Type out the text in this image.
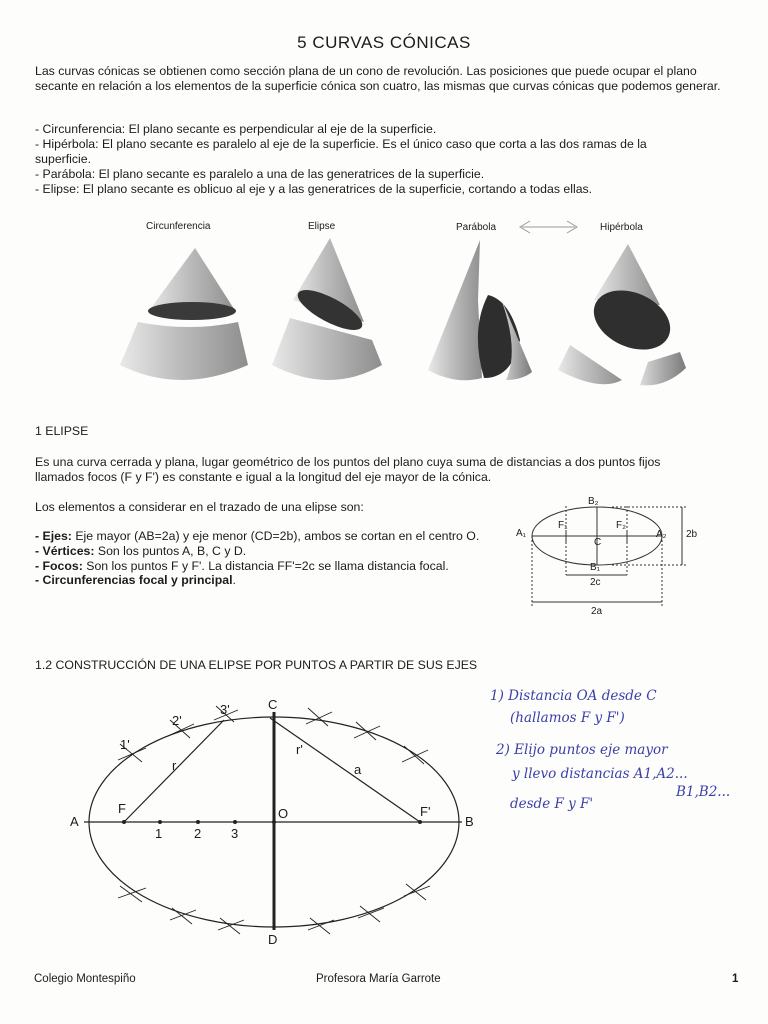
5 CURVAS CÓNICAS
Las curvas cónicas se obtienen como sección plana de un cono de revolución. Las posiciones que puede ocupar el plano secante en relación a los elementos de la superficie cónica son cuatro, las mismas que curvas cónicas que podemos generar.
- Circunferencia: El plano secante es perpendicular al eje de la superficie.
- Hipérbola: El plano secante es paralelo al eje de la superficie. Es el único caso que corta a las dos ramas de la
superficie.
- Parábola: El plano secante es paralelo a una de las generatrices de la superficie.
- Elipse: El plano secante es oblicuo al eje y a las generatrices de la superficie, cortando a todas ellas.
Circunferencia	Elipse	Parábola	Hipérbola
1 ELIPSE
Es una curva cerrada y plana, lugar geométrico de los puntos del plano cuya suma de distancias a dos puntos fijos
llamados focos (F y F') es constante e igual a la longitud del eje mayor de la cónica.
Los elementos a considerar en el trazado de una elipse son:
- Ejes: Eje mayor (AB=2a) y eje menor (CD=2b), ambos se cortan en el centro O.
- Vértices: Son los puntos A, B, C y D.
- Focos: Son los puntos F y F'. La distancia FF'=2c se llama distancia focal.
- Circunferencias focal y principal.
B₂
A₁	A₂
F₁	F₂
C
B₁
2b
2c
2a
1.2 CONSTRUCCIÓN DE UNA ELIPSE POR PUNTOS A PARTIR DE SUS EJES
A	B
C
D
O
F	F'
1 2 3
1'
2'
3'
r
r'
a
1) Distancia OA desde C
(hallamos F y F')
2) Elijo puntos eje mayor
y llevo distancias A1,A2...
B1,B2...
desde F y F'
Colegio Montespiño	Profesora María Garrote	1
